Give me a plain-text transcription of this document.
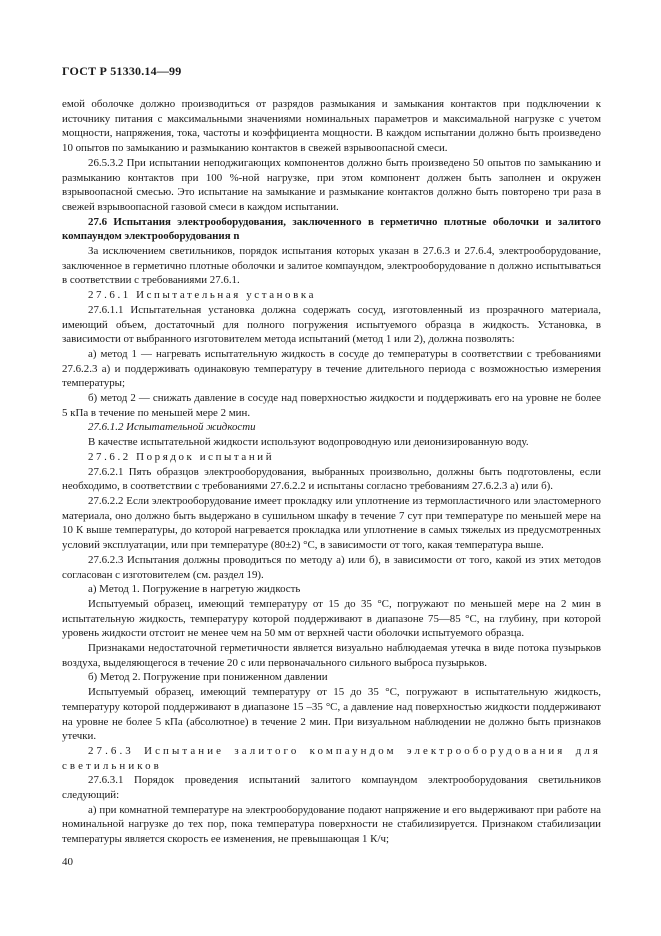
ГОСТ Р 51330.14—99

емой оболочке должно производиться от разрядов размыкания и замыкания контактов при подключении к источнику питания с максимальными значениями номинальных параметров и максимальной нагрузке с учетом мощности, напряжения, тока, частоты и коэффициента мощности. В каждом испытании должно быть произведено 10 опытов по замыканию и размыканию контактов в свежей взрывоопасной смеси.

26.5.3.2 При испытании неподжигающих компонентов должно быть произведено 50 опытов по замыканию и размыканию контактов при 100 %-ной нагрузке, при этом компонент должен быть заполнен и окружен взрывоопасной смесью. Это испытание на замыкание и размыкание контактов должно быть повторено три раза в свежей взрывоопасной газовой смеси в каждом испытании.

27.6 Испытания электрооборудования, заключенного в герметично плотные оболочки и залитого компаундом электрооборудования n

За исключением светильников, порядок испытания которых указан в 27.6.3 и 27.6.4, электрооборудование, заключенное в герметично плотные оболочки и залитое компаундом, электрооборудование n должно испытываться в соответствии с требованиями 27.6.1.

27.6.1 Испытательная установка

27.6.1.1 Испытательная установка должна содержать сосуд, изготовленный из прозрачного материала, имеющий объем, достаточный для полного погружения испытуемого образца в жидкость. Установка, в зависимости от выбранного изготовителем метода испытаний (метод 1 или 2), должна позволять:

а) метод 1 — нагревать испытательную жидкость в сосуде до температуры в соответствии с требованиями 27.6.2.3 а) и поддерживать одинаковую температуру в течение длительного периода с возможностью измерения температуры;

б) метод 2 — снижать давление в сосуде над поверхностью жидкости и поддерживать его на уровне не более 5 кПа в течение по меньшей мере 2 мин.

27.6.1.2 Испытательной жидкости

В качестве испытательной жидкости используют водопроводную или деионизированную воду.

27.6.2 Порядок испытаний

27.6.2.1 Пять образцов электрооборудования, выбранных произвольно, должны быть подготовлены, если необходимо, в соответствии с требованиями 27.6.2.2 и испытаны согласно требованиям 27.6.2.3 а) или б).

27.6.2.2 Если электрооборудование имеет прокладку или уплотнение из термопластичного или эластомерного материала, оно должно быть выдержано в сушильном шкафу в течение 7 сут при температуре по меньшей мере на 10 К выше температуры, до которой нагревается прокладка или уплотнение в самых тяжелых из предусмотренных условий эксплуатации, или при температуре (80±2) °С, в зависимости от того, какая температура выше.

27.6.2.3 Испытания должны проводиться по методу а) или б), в зависимости от того, какой из этих методов согласован с изготовителем (см. раздел 19).

а) Метод 1. Погружение в нагретую жидкость

Испытуемый образец, имеющий температуру от 15 до 35 °С, погружают по меньшей мере на 2 мин в испытательную жидкость, температуру которой поддерживают в диапазоне 75—85 °С, на глубину, при которой уровень жидкости отстоит не менее чем на 50 мм от верхней части оболочки испытуемого образца.

Признаками недостаточной герметичности является визуально наблюдаемая утечка в виде потока пузырьков воздуха, выделяющегося в течение 20 с или первоначального сильного выброса пузырьков.

б) Метод 2. Погружение при пониженном давлении

Испытуемый образец, имеющий температуру от 15 до 35 °С, погружают в испытательную жидкость, температуру которой поддерживают в диапазоне 15 –35 °С, а давление над поверхностью жидкости поддерживают на уровне не более 5 кПа (абсолютное) в течение 2 мин. При визуальном наблюдении не должно быть признаков утечки.

27.6.3 Испытание залитого компаундом электрооборудования для светильников

27.6.3.1 Порядок проведения испытаний залитого компаундом электрооборудования светильников следующий:

а) при комнатной температуре на электрооборудование подают напряжение и его выдерживают при работе на номинальной нагрузке до тех пор, пока температура поверхности не стабилизируется. Признаком стабилизации температуры является скорость ее изменения, не превышающая 1 К/ч;

40
